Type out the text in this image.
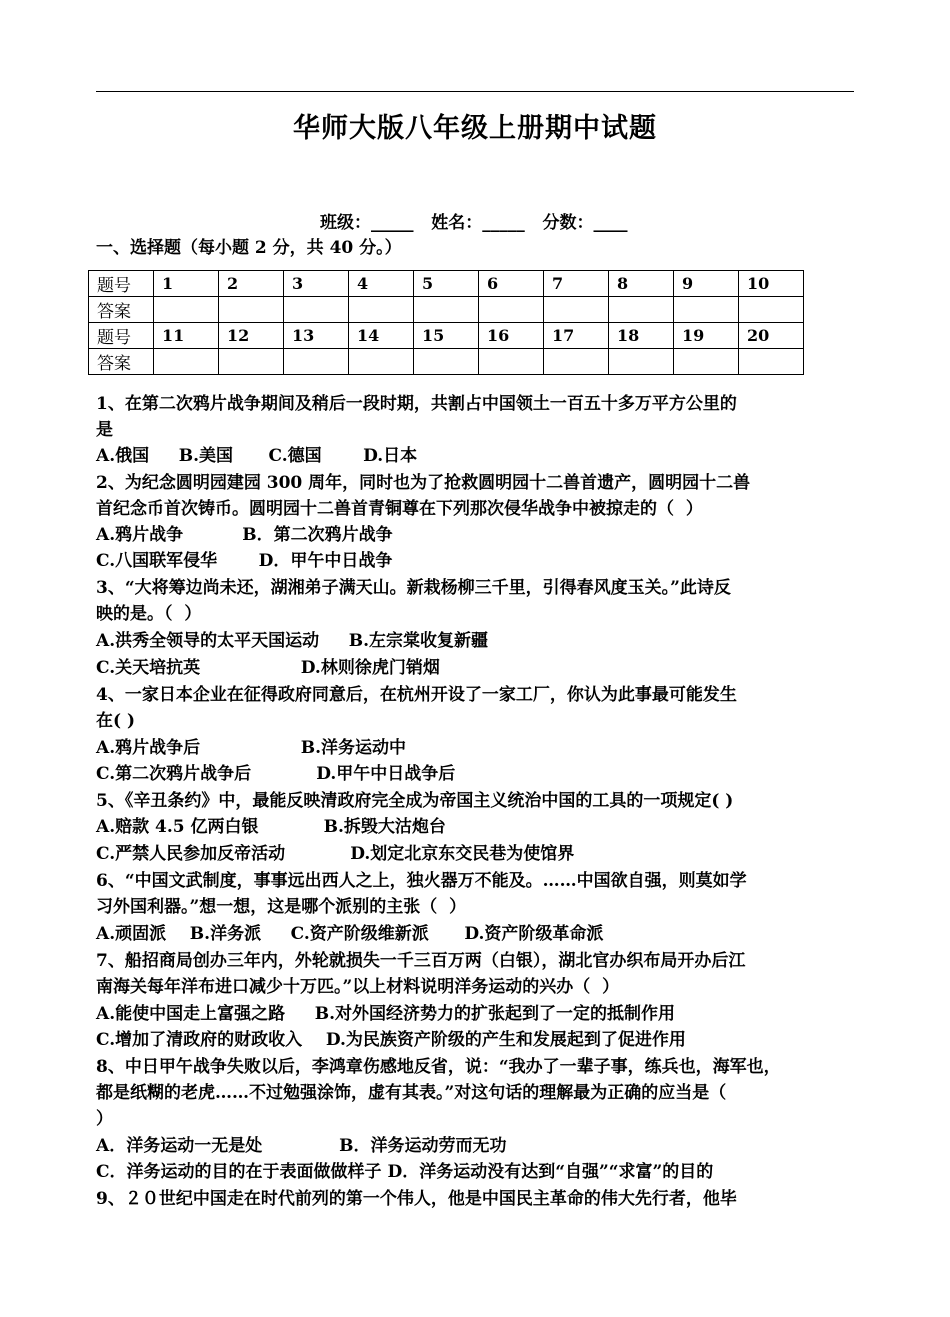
华师大版八年级上册期中试题
班级：_____   姓名：_____   分数：____
一、选择题（每小题 2 分，共 40 分。）
题号	1	2	3	4	5	6	7	8	9	10
答案										
题号	11	12	13	14	15	16	17	18	19	20
答案										
1、在第二次鸦片战争期间及稍后一段时期，共割占中国领土一百五十多万平方公里的
是
A.俄国     B.美国      C.德国       D.日本
2、为纪念圆明园建园 300 周年，同时也为了抢救圆明园十二兽首遗产，圆明园十二兽
首纪念币首次铸币。圆明园十二兽首青铜尊在下列那次侵华战争中被掠走的（  ）
A.鸦片战争          B．第二次鸦片战争
C.八国联军侵华       D．甲午中日战争
3、“大将筹边尚未还，湖湘弟子满天山。新栽杨柳三千里，引得春风度玉关。”此诗反
映的是。（  ）
A.洪秀全领导的太平天国运动     B.左宗棠收复新疆
C.关天培抗英                 D.林则徐虎门销烟
4、一家日本企业在征得政府同意后，在杭州开设了一家工厂，你认为此事最可能发生
在( )
A.鸦片战争后                 B.洋务运动中
C.第二次鸦片战争后           D.甲午中日战争后
5、《辛丑条约》中，最能反映清政府完全成为帝国主义统治中国的工具的一项规定( )
A.赔款 4.5 亿两白银           B.拆毁大沽炮台
C.严禁人民参加反帝活动           D.划定北京东交民巷为使馆界
6、“中国文武制度，事事远出西人之上，独火器万不能及。……中国欲自强，则莫如学
习外国利器。”想一想，这是哪个派别的主张（  ）
A.顽固派    B.洋务派     C.资产阶级维新派      D.资产阶级革命派
7、船招商局创办三年内，外轮就损失一千三百万两（白银），湖北官办织布局开办后江
南海关每年洋布进口减少十万匹。”以上材料说明洋务运动的兴办（  ）
A.能使中国走上富强之路     B.对外国经济势力的扩张起到了一定的抵制作用
C.增加了清政府的财政收入    D.为民族资产阶级的产生和发展起到了促进作用
8、中日甲午战争失败以后，李鸿章伤感地反省，说：“我办了一辈子事，练兵也，海军也，
都是纸糊的老虎……不过勉强涂饰，虚有其表。”对这句话的理解最为正确的应当是（
）
A．洋务运动一无是处             B．洋务运动劳而无功
C．洋务运动的目的在于表面做做样子 D．洋务运动没有达到“自强”“求富”的目的
9、２０世纪中国走在时代前列的第一个伟人，他是中国民主革命的伟大先行者，他毕
